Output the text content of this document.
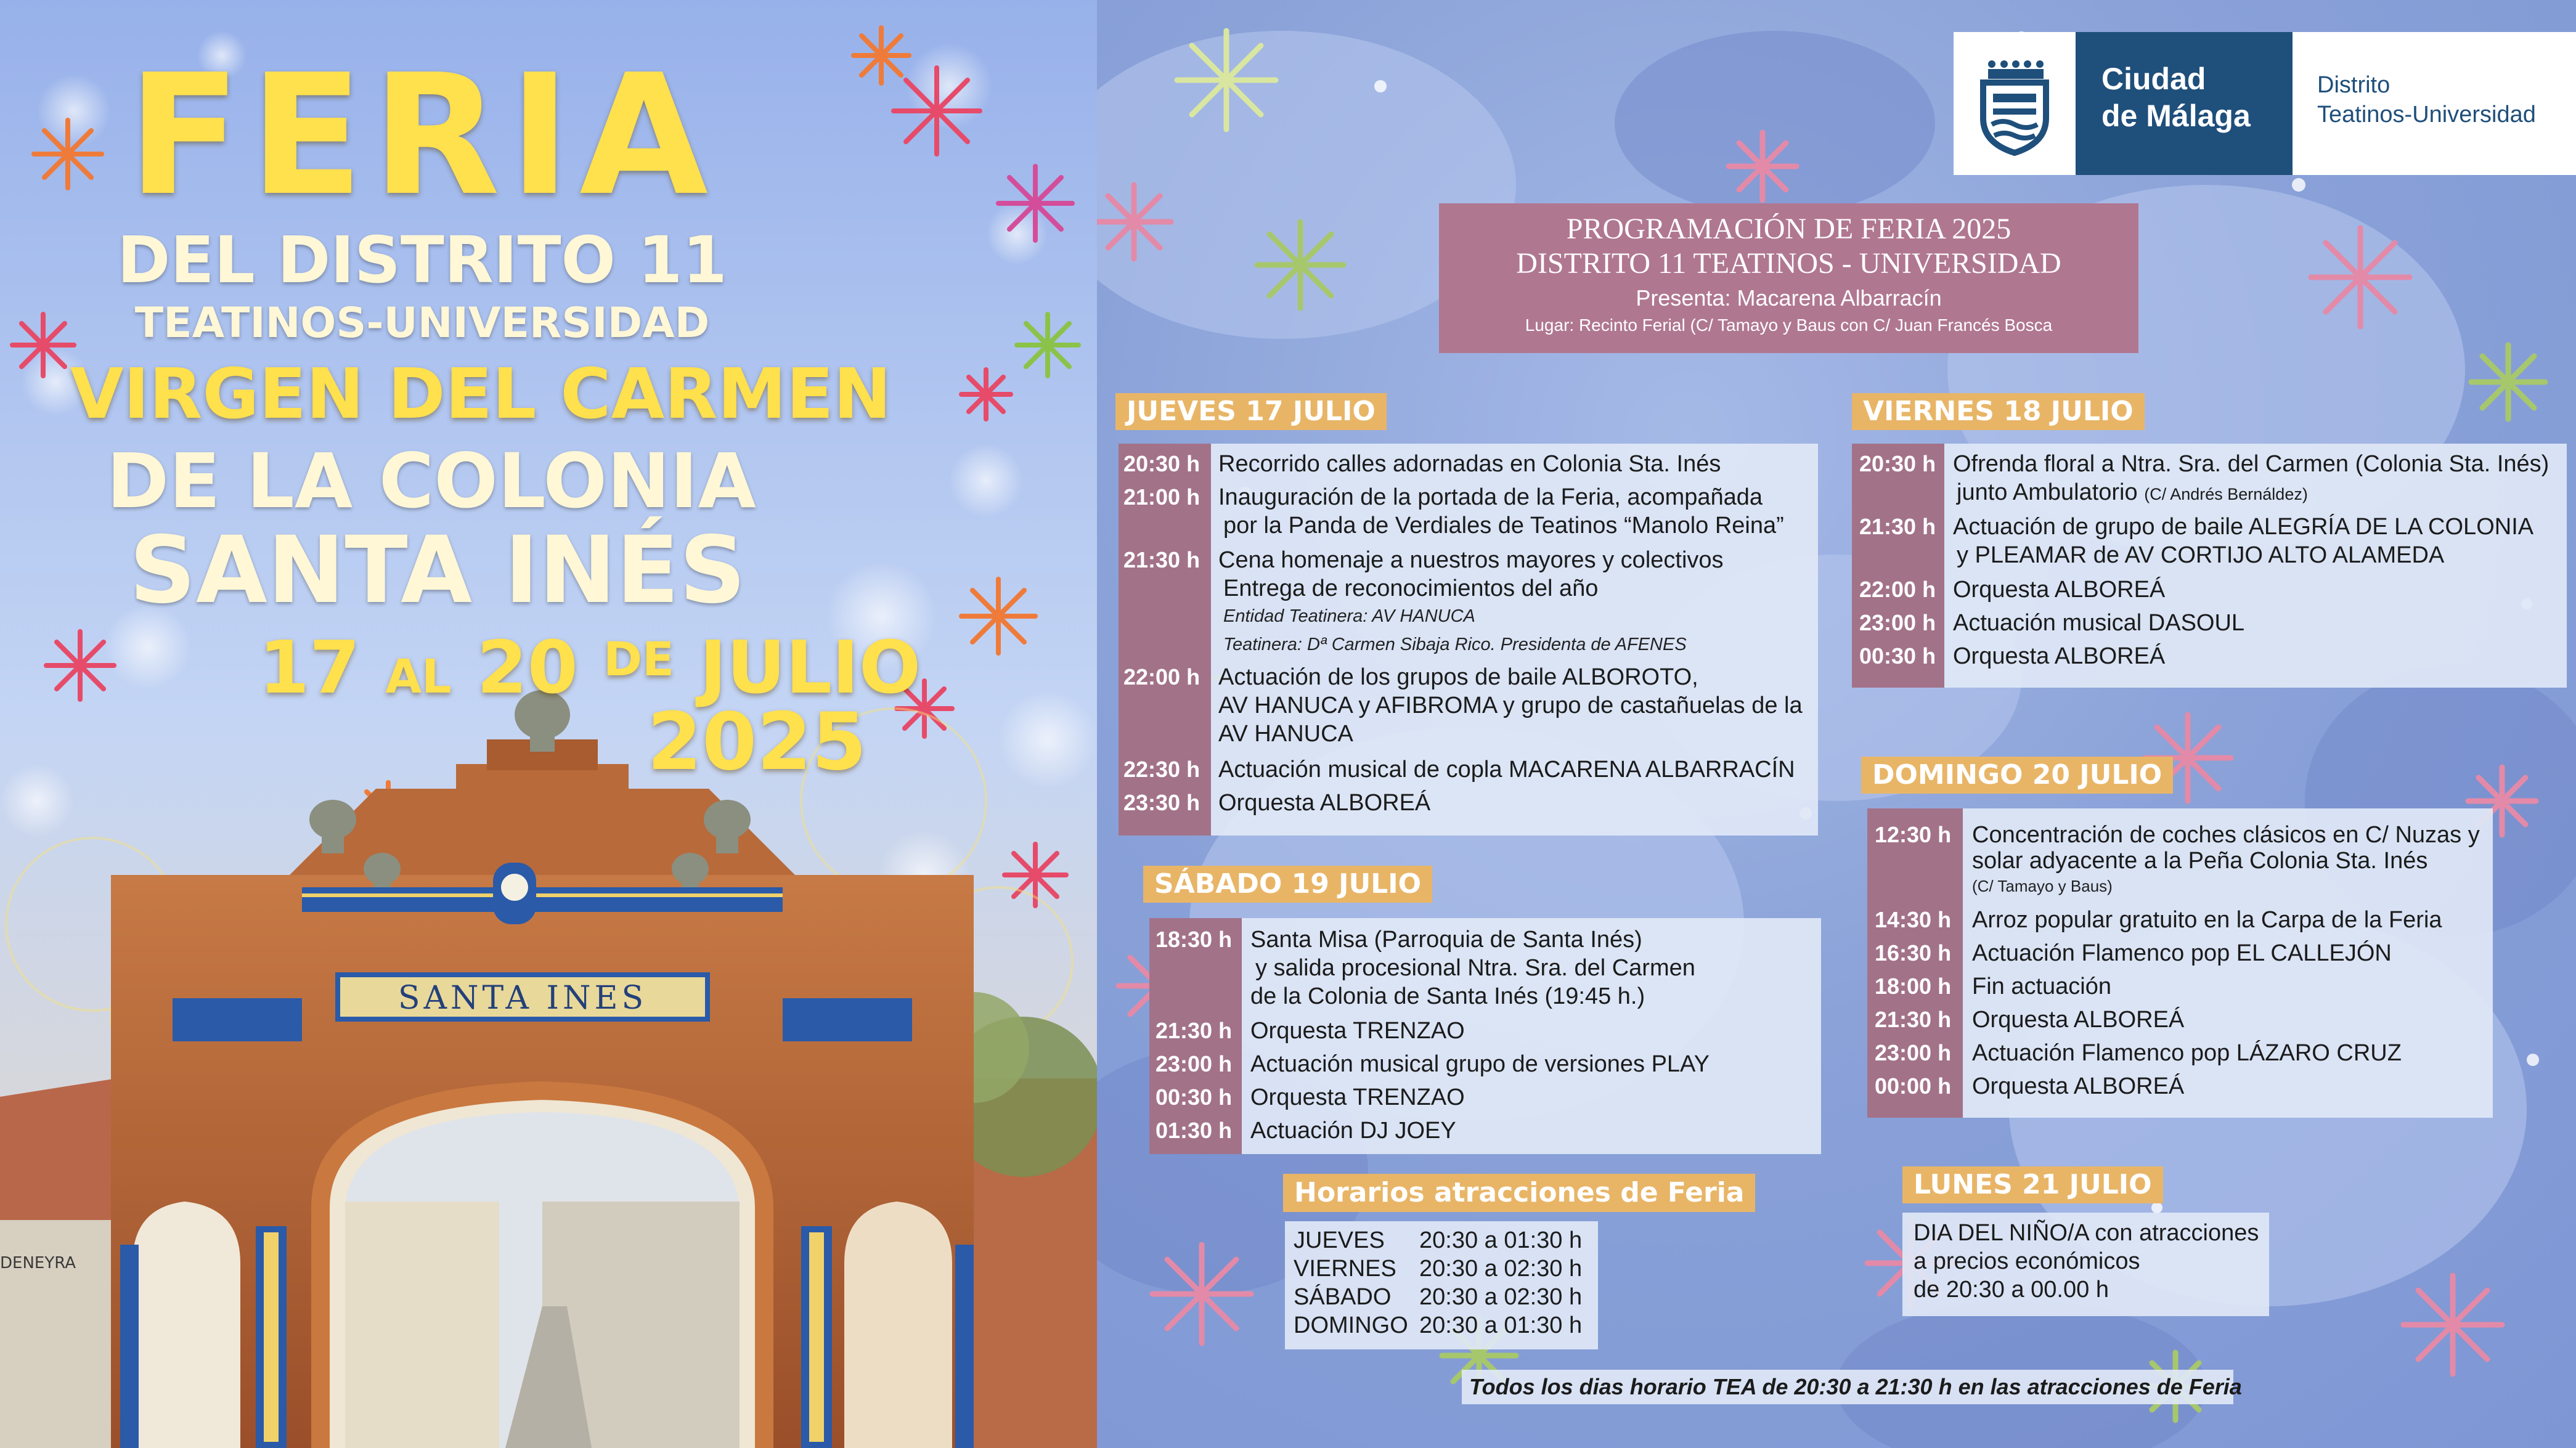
FERIA
DEL DISTRITO 11
TEATINOS-UNIVERSIDAD
VIRGEN DEL CARMEN
DE LA COLONIA
SANTA INÉS
17 AL 20 $^{DE}$ JULIO
2025
SANTA INES
DENEYRA
Ciudad
de Málaga
Distrito
Teatinos-Universidad
PROGRAMACIÓN DE FERIA 2025
DISTRITO 11 TEATINOS - UNIVERSIDAD
Presenta: Macarena Albarracín
Lugar: Recinto Ferial (C/ Tamayo y Baus con C/ Juan Francés Bosca
JUEVES 17 JULIO
20:30 h Recorrido calles adornadas en Colonia Sta. Inés
21:00 h Inauguración de la portada de la Feria, acompañada
por la Panda de Verdiales de Teatinos “Manolo Reina”
21:30 h Cena homenaje a nuestros mayores y colectivos
Entrega de reconocimientos del año
Entidad Teatinera: AV HANUCA
Teatinera: Dª Carmen Sibaja Rico. Presidenta de AFENES
22:00 h Actuación de los grupos de baile ALBOROTO,
AV HANUCA y AFIBROMA y grupo de castañuelas de la
AV HANUCA
22:30 h Actuación musical de copla MACARENA ALBARRACÍN
23:30 h Orquesta ALBOREÁ
VIERNES 18 JULIO
20:30 h Ofrenda floral a Ntra. Sra. del Carmen (Colonia Sta. Inés)
junto Ambulatorio (C/ Andrés Bernáldez)
21:30 h Actuación de grupo de baile ALEGRÍA DE LA COLONIA
y PLEAMAR de AV CORTIJO ALTO ALAMEDA
22:00 h Orquesta ALBOREÁ
23:00 h Actuación musical DASOUL
00:30 h Orquesta ALBOREÁ
SÁBADO 19 JULIO
18:30 h Santa Misa (Parroquia de Santa Inés)
y salida procesional Ntra. Sra. del Carmen
de la Colonia de Santa Inés (19:45 h.)
21:30 h Orquesta TRENZAO
23:00 h Actuación musical grupo de versiones PLAY
00:30 h Orquesta TRENZAO
01:30 h Actuación DJ JOEY
DOMINGO 20 JULIO
12:30 h Concentración de coches clásicos en C/ Nuzas y
solar adyacente a la Peña Colonia Sta. Inés
(C/ Tamayo y Baus)
14:30 h Arroz popular gratuito en la Carpa de la Feria
16:30 h Actuación Flamenco pop EL CALLEJÓN
18:00 h Fin actuación
21:30 h Orquesta ALBOREÁ
23:00 h Actuación Flamenco pop LÁZARO CRUZ
00:00 h Orquesta ALBOREÁ
Horarios atracciones de Feria
JUEVES 20:30 a 01:30 h
VIERNES 20:30 a 02:30 h
SÁBADO 20:30 a 02:30 h
DOMINGO 20:30 a 01:30 h
LUNES 21 JULIO
DIA DEL NIÑO/A con atracciones
a precios económicos
de 20:30 a 00.00 h
Todos los dias horario TEA de 20:30 a 21:30 h en las atracciones de Feria
